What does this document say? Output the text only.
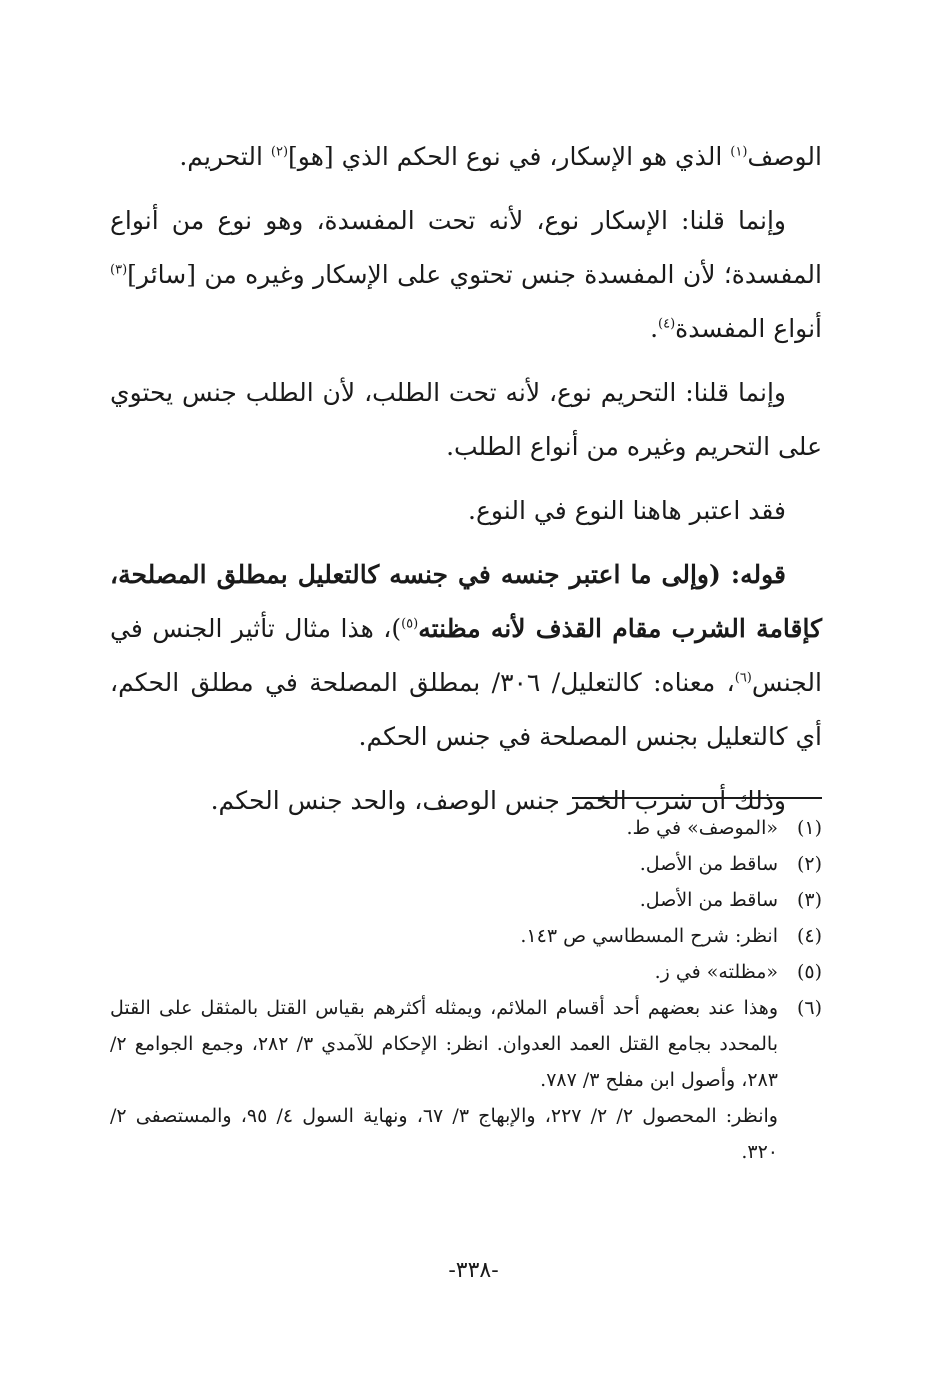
الوصف$^{(١)}$ الذي هو الإسكار، في نوع الحكم الذي [هو]$^{(٢)}$ التحريم.

وإنما قلنا: الإسكار نوع، لأنه تحت المفسدة، وهو نوع من أنواع المفسدة؛ لأن المفسدة جنس تحتوي على الإسكار وغيره من [سائر]$^{(٣)}$ أنواع المفسدة$^{(٤)}$.

وإنما قلنا: التحريم نوع، لأنه تحت الطلب، لأن الطلب جنس يحتوي على التحريم وغيره من أنواع الطلب.

فقد اعتبر هاهنا النوع في النوع.

قوله: (وإلى ما اعتبر جنسه في جنسه كالتعليل بمطلق المصلحة، كإقامة الشرب مقام القذف لأنه مظنته$^{(٥)}$)، هذا مثال تأثير الجنس في الجنس$^{(٦)}$، معناه: كالتعليل/ ٣٠٦/ بمطلق المصلحة في مطلق الحكم، أي كالتعليل بجنس المصلحة في جنس الحكم.

وذلك أن شرب الخمر جنس الوصف، والحد جنس الحكم.

(١)
«الموصف» في ط.
(٢)
ساقط من الأصل.
(٣)
ساقط من الأصل.
(٤)
انظر: شرح المسطاسي ص ١٤٣.
(٥)
«مظلته» في ز.
(٦)
وهذا عند بعضهم أحد أقسام الملائم، ويمثله أكثرهم بقياس القتل بالمثقل على القتل بالمحدد بجامع القتل العمد العدوان. انظر: الإحكام للآمدي ٣/ ٢٨٢، وجمع الجوامع ٢/ ٢٨٣، وأصول ابن مفلح ٣/ ٧٨٧.
وانظر: المحصول ٢/ ٢/ ٢٢٧، والإبهاج ٣/ ٦٧، ونهاية السول ٤/ ٩٥، والمستصفى ٢/ ٣٢٠.
-٣٣٨-
